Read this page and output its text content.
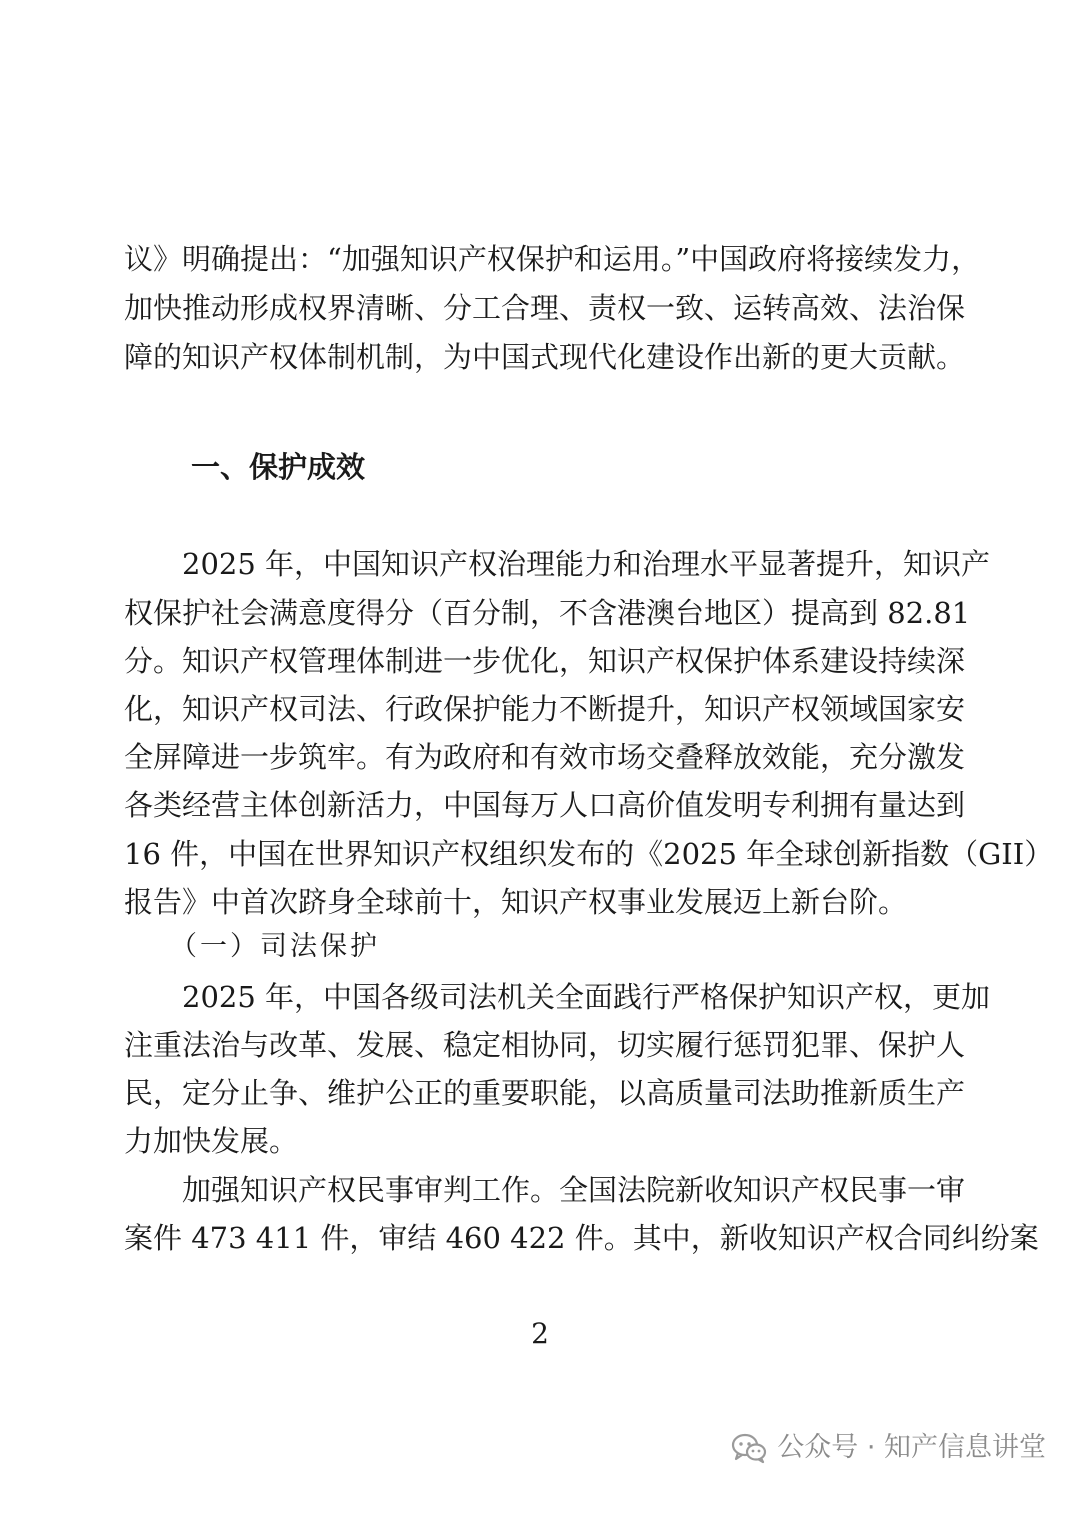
议》明确提出：“加强知识产权保护和运用。”中国政府将接续发力，
加快推动形成权界清晰、分工合理、责权一致、运转高效、法治保
障的知识产权体制机制，为中国式现代化建设作出新的更大贡献。
一、保护成效
2025 年，中国知识产权治理能力和治理水平显著提升，知识产
权保护社会满意度得分（百分制，不含港澳台地区）提高到 82.81
分。知识产权管理体制进一步优化，知识产权保护体系建设持续深
化，知识产权司法、行政保护能力不断提升，知识产权领域国家安
全屏障进一步筑牢。有为政府和有效市场交叠释放效能，充分激发
各类经营主体创新活力，中国每万人口高价值发明专利拥有量达到
16 件，中国在世界知识产权组织发布的《2025 年全球创新指数（GII）
报告》中首次跻身全球前十，知识产权事业发展迈上新台阶。
（一）司法保护
2025 年，中国各级司法机关全面践行严格保护知识产权，更加
注重法治与改革、发展、稳定相协同，切实履行惩罚犯罪、保护人
民，定分止争、维护公正的重要职能，以高质量司法助推新质生产
力加快发展。
加强知识产权民事审判工作。全国法院新收知识产权民事一审
案件 473 411 件，审结 460 422 件。其中，新收知识产权合同纠纷案
2
公众号 · 知产信息讲堂
